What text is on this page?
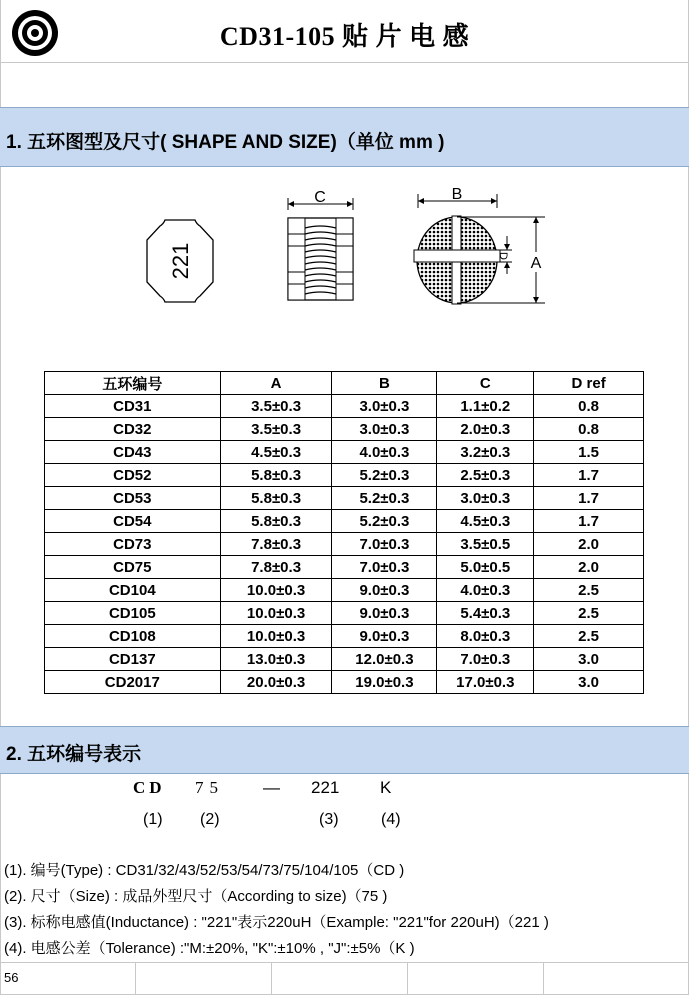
CD31-105 贴 片 电 感
1. 五环图型及尺寸( SHAPE AND SIZE)（单位 mm )
221
C	B
D A
五环编号	A	B	C	D ref
CD31	3.5±0.3	3.0±0.3	1.1±0.2	0.8
CD32	3.5±0.3	3.0±0.3	2.0±0.3	0.8
CD43	4.5±0.3	4.0±0.3	3.2±0.3	1.5
CD52	5.8±0.3	5.2±0.3	2.5±0.3	1.7
CD53	5.8±0.3	5.2±0.3	3.0±0.3	1.7
CD54	5.8±0.3	5.2±0.3	4.5±0.3	1.7
CD73	7.8±0.3	7.0±0.3	3.5±0.5	2.0
CD75	7.8±0.3	7.0±0.3	5.0±0.5	2.0
CD104	10.0±0.3	9.0±0.3	4.0±0.3	2.5
CD105	10.0±0.3	9.0±0.3	5.4±0.3	2.5
CD108	10.0±0.3	9.0±0.3	8.0±0.3	2.5
CD137	13.0±0.3	12.0±0.3	7.0±0.3	3.0
CD2017	20.0±0.3	19.0±0.3	17.0±0.3	3.0
2. 五环编号表示
CD 75 — 221 K
(1) (2)	(3)	(4)
(1). 编号(Type) : CD31/32/43/52/53/54/73/75/104/105（CD )
(2). 尺寸（Size) : 成品外型尺寸（According to size)（75 )
(3). 标称电感值(Inductance) : "221"表示220uH（Example: "221"for 220uH)（221 )
(4). 电感公差（Tolerance) :"M:±20%, "K":±10% , "J":±5%（K )
56
